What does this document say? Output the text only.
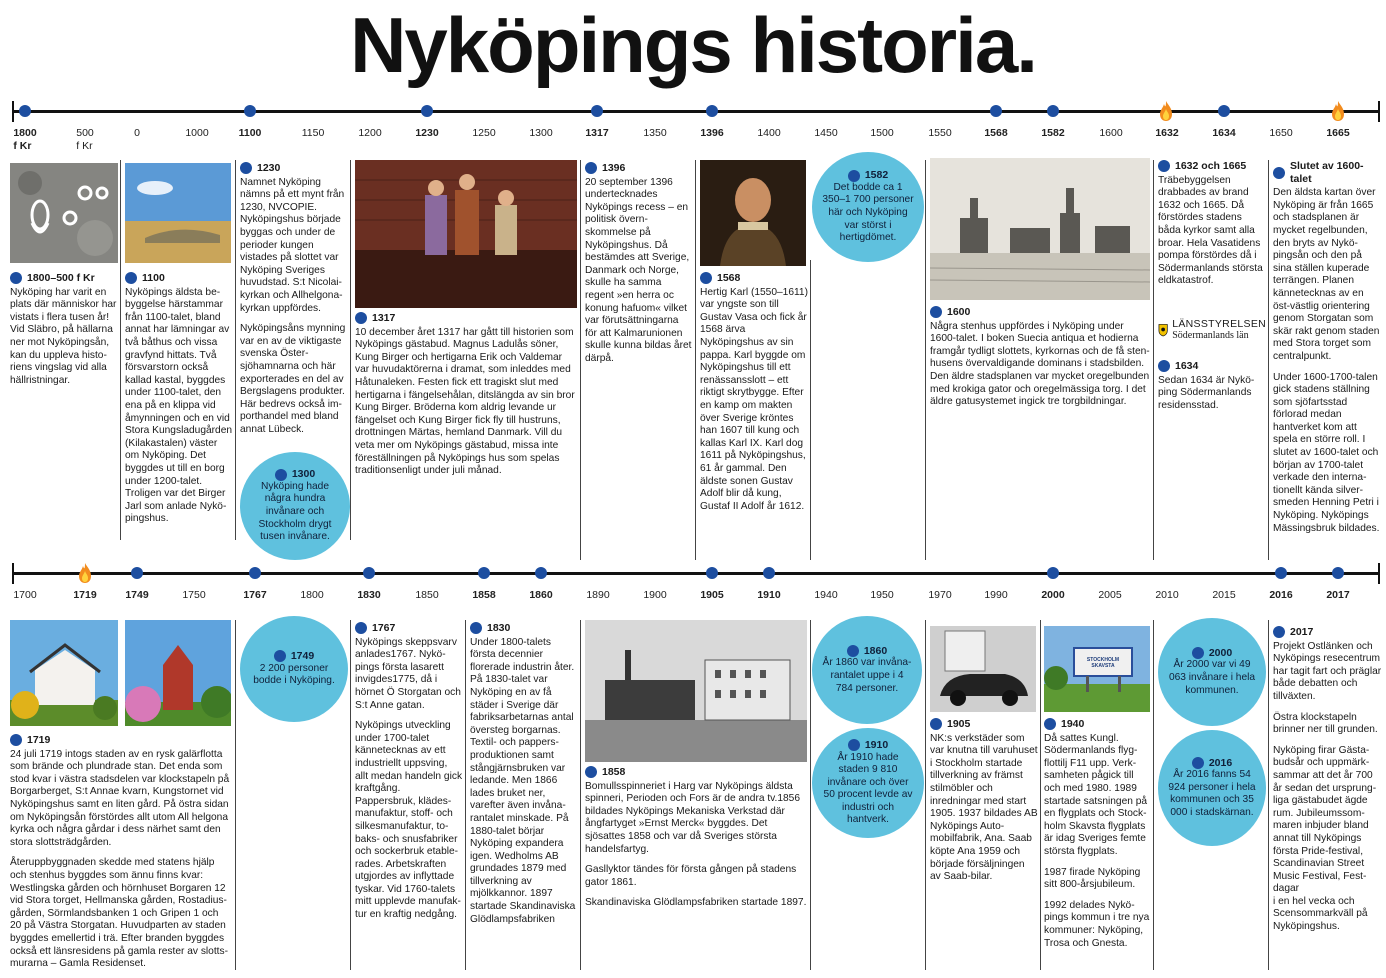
Nyköpings historia.
1800
f Kr
500
f Kr
0	1000	1100	1150	1200	1230	1250	1300	1317	1350	1396	1400	1450	1500	1550	1568	1582	1600	1632	1634	1650	1665
1800–500 f Kr

Nyköping har varit en plats där människor har vistats i flera tusen år! Vid Släbro, på hällarna ner mot Nyköpingsån, kan du uppleva historiens vingslag vid alla hällristningar.

1100

Nyköpings äldsta bebyggelse härstammar från 1100-talet, bland annat har lämningar av två båthus och vissa gravfynd hittats. Två försvarstorn också kallad kastal, byggdes under 1100-talet, den ena på en klippa vid åmynningen och en vid Stora Kungsladugården (Kilakastalen) väster om Nyköping. Det byggdes ut till en borg under 1200-talet. Troligen var det Birger Jarl som anlade Nyköpingshus.

1230

Namnet Nyköping nämns på ett mynt från 1230, NVCOPIE. Nyköpingshus började byggas och under de perioder kungen vistades på slottet var Nyköping Sveriges huvudstad. S:t Nicolaikyrkan och Allhelgonakyrkan uppfördes.

Nyköpingsåns mynning var en av de viktigaste svenska Östersjöhamnarna och här exporterades en del av Bergslagens produkter. Här bedrevs också importhandel med bland annat Lübeck.

1300
Nyköping hade några hundra invånare och Stockholm drygt tusen invånare.
1317

10 december året 1317 har gått till historien som Nyköpings gästabud. Magnus Ladulås söner, Kung Birger och hertigarna Erik och Valdemar var huvudaktörerna i dramat, som inleddes med Håtunaleken. Festen fick ett tragiskt slut med hertigarna i fängelsehålan, ditslängda av sin bror Kung Birger. Bröderna kom aldrig levande ur fängelset och Kung Birger fick fly till hustruns, drottningen Märtas, hemland Danmark. Vill du veta mer om Nyköpings gästabud, missa inte föreställningen på Nyköpings hus som spelas traditionsenligt under juli månad.

1396

20 september 1396 undertecknades Nyköpings recess – en politisk övernskommelse på Nyköpingshus. Då bestämdes att Sverige, Danmark och Norge, skulle ha samma regent »en herra oc konung hafuom« vilket var förutsättningarna för att Kalmarunionen skulle kunna bildas året därpå.

1568

Hertig Karl (1550–1611) var yngste son till Gustav Vasa och fick år 1568 ärva Nyköpingshus av sin pappa. Karl byggde om Nyköpingshus till ett renässansslott – ett riktigt skrytbygge. Efter en kamp om makten över Sverige kröntes han 1607 till kung och kallas Karl IX. Karl dog 1611 på Nyköpingshus, 61 år gammal. Den äldste sonen Gustav Adolf blir då kung, Gustaf II Adolf år 1612.

1582
Det bodde ca 1 350–1 700 personer här och Nyköping var störst i hertigdömet.
1600

Några stenhus uppfördes i Nyköping under 1600-talet. I boken Suecia antiqua et hodierna framgår tydligt slottets, kyrkornas och de få stenhusens övervaldigande dominans i stadsbilden. Den äldre stadsplanen var mycket oregelbunden med krokiga gator och oregelmässiga torg. I det äldre gatusystemet ingick tre torgbildningar.

1632 och 1665

Träbebyggelsen drabbades av brand 1632 och 1665. Då förstördes stadens båda kyrkor samt alla broar. Hela Vasatidens pompa förstördes då i Södermanlands största eldkatastrof.

LÄNSSTYRELSEN
Södermanlands län
1634

Sedan 1634 är Nyköping Södermanlands residensstad.

Slutet av 1600-talet

Den äldsta kartan över Nyköping är från 1665 och stadsplanen är mycket regelbunden, den bryts av Nyköpingsån och den på sina ställen kuperade terrängen. Planen kännetecknas av en öst-västlig orientering genom Storgatan som skär rakt genom staden med Stora torget som centralpunkt.

Under 1600-1700-talen gick stadens ställning som sjöfartsstad förlorad medan hantverket kom att spela en större roll. I slutet av 1600-talet och början av 1700-talet verkade den internationellt kända silversmeden Henning Petri i Nyköping. Nyköpings Mässingsbruk bildades.

1700	1719	1749	1750	1767	1800	1830	1850	1858	1860	1890	1900	1905	1910	1940	1950	1970	1990	2000	2005	2010	2015	2016	2017
1719

24 juli 1719 intogs staden av en rysk galärflotta som brände och plundrade stan. Det enda som stod kvar i västra stadsdelen var klockstapeln på Borgarberget, S:t Annae kvarn, Kungstornet vid Nyköpingshus samt en liten gård. På östra sidan om Nyköpingsån förstördes allt utom All helgona kyrka och några gårdar i dess närhet samt den stora slottsträdgården.

Återuppbyggnaden skedde med statens hjälp och stenhus byggdes som ännu finns kvar: Westlingska gården och hörnhuset Borgaren 12 vid Stora torget, Hellmanska gården, Rostadiusgården, Sörmlandsbanken 1 och Gripen 1 och 20 på Västra Storgatan. Huvudparten av staden byggdes emellertid i trä. Efter branden byggdes också ett länsresidens på gamla rester av slottsmurarna – Gamla Residenset.

1749
2 200 personer bodde i Nyköping.
1767

Nyköpings skeppsvarv anlades1767. Nyköpings första lasarett invigdes1775, då i hörnet Ö Storgatan och S:t Anne gatan.

Nyköpings utveckling under 1700-talet kännetecknas av ett industriellt uppsving, allt medan handeln gick kraftgång. Pappersbruk, klädesmanufaktur, stoff- och silkesmanufaktur, tobaks- och snusfabriker och sockerbruk etablerades. Arbetskraften utgjordes av inflyttade tyskar. Vid 1760-talets mitt upplevde manufaktur en kraftig nedgång.

1830

Under 1800-talets första decennier florerade industrin åter. På 1830-talet var Nyköping en av få städer i Sverige där fabriksarbetarnas antal översteg borgarnas. Textil- och pappersproduktionen samt stångjärnsbruken var ledande. Men 1866 lades bruket ner, varefter även invånarantalet minskade. På 1880-talet börjar Nyköping expandera igen. Wedholms AB grundades 1879 med tillverkning av mjölkkannor. 1897 startade Skandinaviska Glödlampsfabriken

1858

Bomullsspinneriet i Harg var Nyköpings äldsta spinneri, Perioden och Fors är de andra tv.1856 bildades Nyköpings Mekaniska Verkstad där ångfartyget »Ernst Merck« byggdes. Det sjösattes 1858 och var då Sveriges största handelsfartyg.

Gasllyktor tändes för första gången på stadens gator 1861.

Skandinaviska Glödlampsfabriken startade 1897.

1860
År 1860 var invånarantalet uppe i 4 784 personer.
1910
År 1910 hade staden 9 810 invånare och över 50 procent levde av industri och hantverk.
1905

NK:s verkstäder som var knutna till varuhuset i Stockholm startade tillverkning av främst stilmöbler och inredningar med start 1905. 1937 bildades AB Nyköpings Automobilfabrik, Ana. Saab köpte Ana 1959 och började försäljningen av Saab-bilar.

STOCKHOLM SKAVSTA
1940

Då sattes Kungl. Södermanlands flygflottilj F11 upp. Verksamheten pågick till och med 1980. 1989 startade satsningen på en flygplats och Stockholm Skavsta flygplats är idag Sveriges femte största flygplats.

1987 firade Nyköping sitt 800-årsjubileum.

1992 delades Nyköpings kommun i tre nya kommuner: Nyköping, Trosa och Gnesta.

2000
År 2000 var vi 49 063 invånare i hela kommunen.
2016
År 2016 fanns 54 924 personer i hela kommunen och 35 000 i stadskärnan.
2017

Projekt Ostlänken och Nyköpings resecentrum har tagit fart och präglar både debatten och tillväxten.

Östra klockstapeln brinner ner till grunden.

Nyköping firar Gästabudsår och uppmärksammar att det år 700 år sedan det ursprungliga gästabudet ägde rum. Jubileumssommaren inbjuder bland annat till Nyköpings första Pride-festival, Scandinavian Street Music Festival, Festdagar
i en hel vecka och Scensommarkväll på Nyköpingshus.
